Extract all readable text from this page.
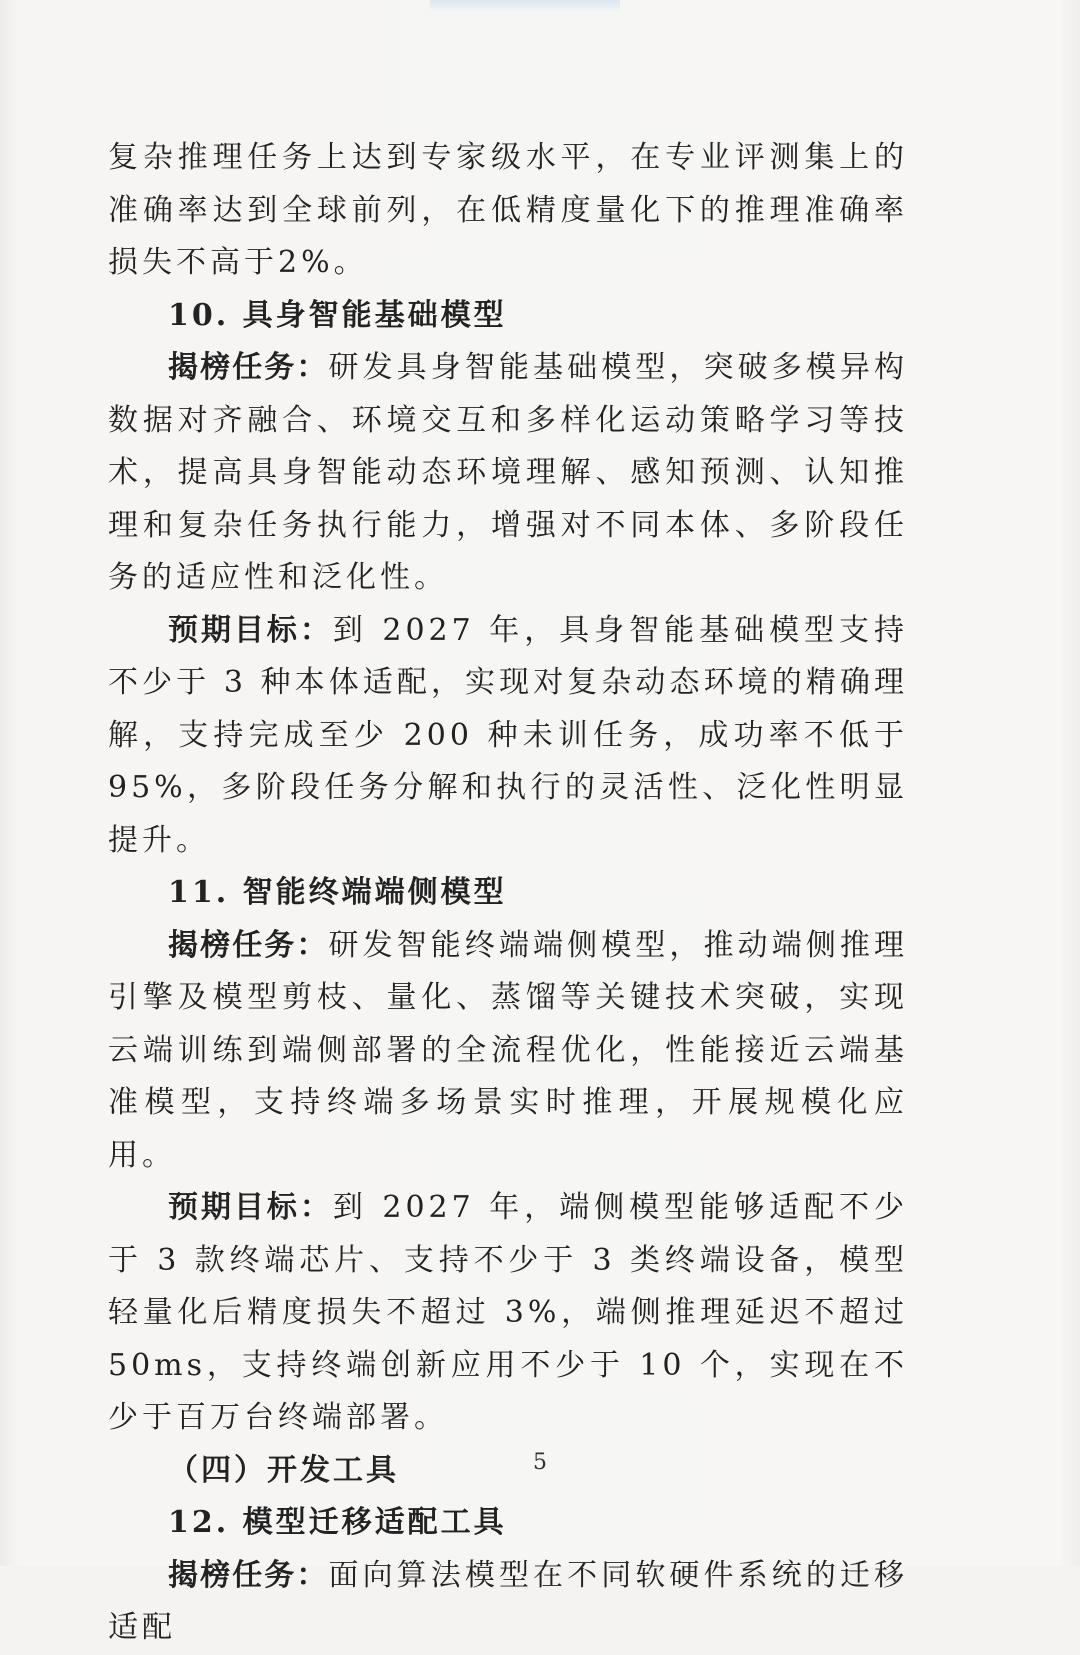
复杂推理任务上达到专家级水平，在专业评测集上的准确率达到全球前列，在低精度量化下的推理准确率损失不高于2%。

10. 具身智能基础模型

揭榜任务：研发具身智能基础模型，突破多模异构数据对齐融合、环境交互和多样化运动策略学习等技术，提高具身智能动态环境理解、感知预测、认知推理和复杂任务执行能力，增强对不同本体、多阶段任务的适应性和泛化性。

预期目标：到 2027 年，具身智能基础模型支持不少于 3 种本体适配，实现对复杂动态环境的精确理解，支持完成至少 200 种未训任务，成功率不低于 95%，多阶段任务分解和执行的灵活性、泛化性明显提升。

11. 智能终端端侧模型

揭榜任务：研发智能终端端侧模型，推动端侧推理引擎及模型剪枝、量化、蒸馏等关键技术突破，实现云端训练到端侧部署的全流程优化，性能接近云端基准模型，支持终端多场景实时推理，开展规模化应用。

预期目标：到 2027 年，端侧模型能够适配不少于 3 款终端芯片、支持不少于 3 类终端设备，模型轻量化后精度损失不超过 3%，端侧推理延迟不超过 50ms，支持终端创新应用不少于 10 个，实现在不少于百万台终端部署。

（四）开发工具

12. 模型迁移适配工具

揭榜任务：面向算法模型在不同软硬件系统的迁移适配

5
